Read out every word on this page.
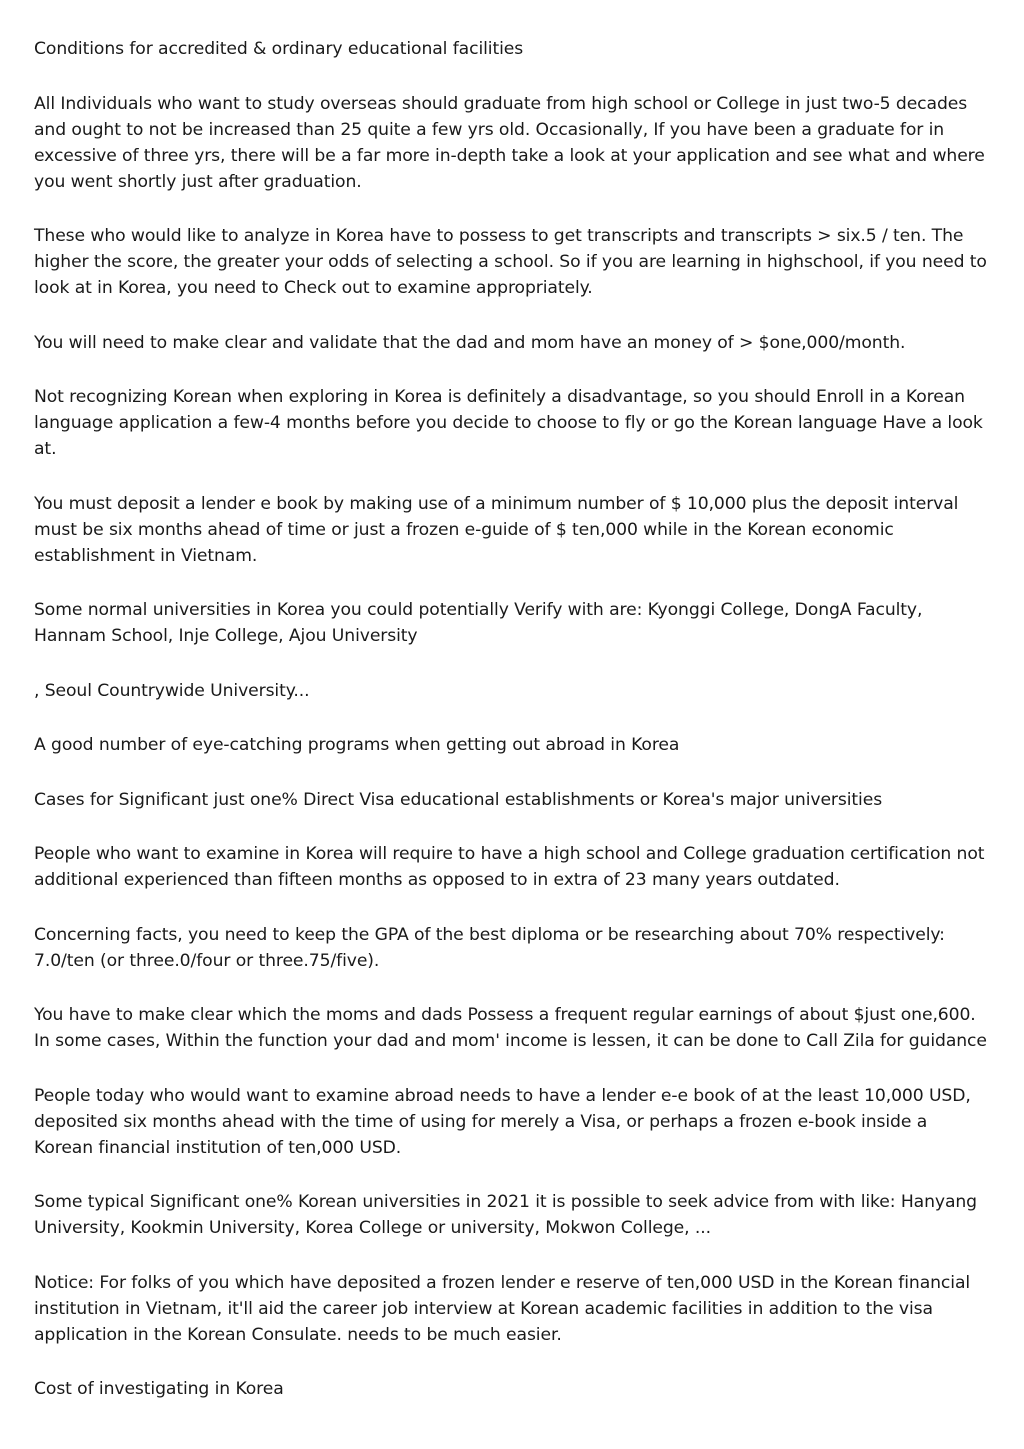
Conditions for accredited & ordinary educational facilities

All Individuals who want to study overseas should graduate from high school or College in just two-5 decades and ought to not be increased than 25 quite a few yrs old. Occasionally, If you have been a graduate for in excessive of three yrs, there will be a far more in-depth take a look at your application and see what and where you went shortly just after graduation.

These who would like to analyze in Korea have to possess to get transcripts and transcripts > six.5 / ten. The higher the score, the greater your odds of selecting a school. So if you are learning in highschool, if you need to look at in Korea, you need to Check out to examine appropriately.

You will need to make clear and validate that the dad and mom have an money of > $one,000/month.

Not recognizing Korean when exploring in Korea is definitely a disadvantage, so you should Enroll in a Korean language application a few-4 months before you decide to choose to fly or go the Korean language Have a look at.

You must deposit a lender e book by making use of a minimum number of $ 10,000 plus the deposit interval must be six months ahead of time or just a frozen e-guide of $ ten,000 while in the Korean economic establishment in Vietnam.

Some normal universities in Korea you could potentially Verify with are: Kyonggi College, DongA Faculty, Hannam School, Inje College, Ajou University

, Seoul Countrywide University...

A good number of eye-catching programs when getting out abroad in Korea

Cases for Significant just one% Direct Visa educational establishments or Korea's major universities

People who want to examine in Korea will require to have a high school and College graduation certification not additional experienced than fifteen months as opposed to in extra of 23 many years outdated.

Concerning facts, you need to keep the GPA of the best diploma or be researching about 70% respectively: 7.0/ten (or three.0/four or three.75/five).

You have to make clear which the moms and dads Possess a frequent regular earnings of about $just one,600. In some cases, Within the function your dad and mom' income is lessen, it can be done to Call Zila for guidance

People today who would want to examine abroad needs to have a lender e-e book of at the least 10,000 USD, deposited six months ahead with the time of using for merely a Visa, or perhaps a frozen e-book inside a Korean financial institution of ten,000 USD.

Some typical Significant one% Korean universities in 2021 it is possible to seek advice from with like: Hanyang University, Kookmin University, Korea College or university, Mokwon College, ...

Notice: For folks of you which have deposited a frozen lender e reserve of ten,000 USD in the Korean financial institution in Vietnam, it'll aid the career job interview at Korean academic facilities in addition to the visa application in the Korean Consulate. needs to be much easier.

Cost of investigating in Korea
